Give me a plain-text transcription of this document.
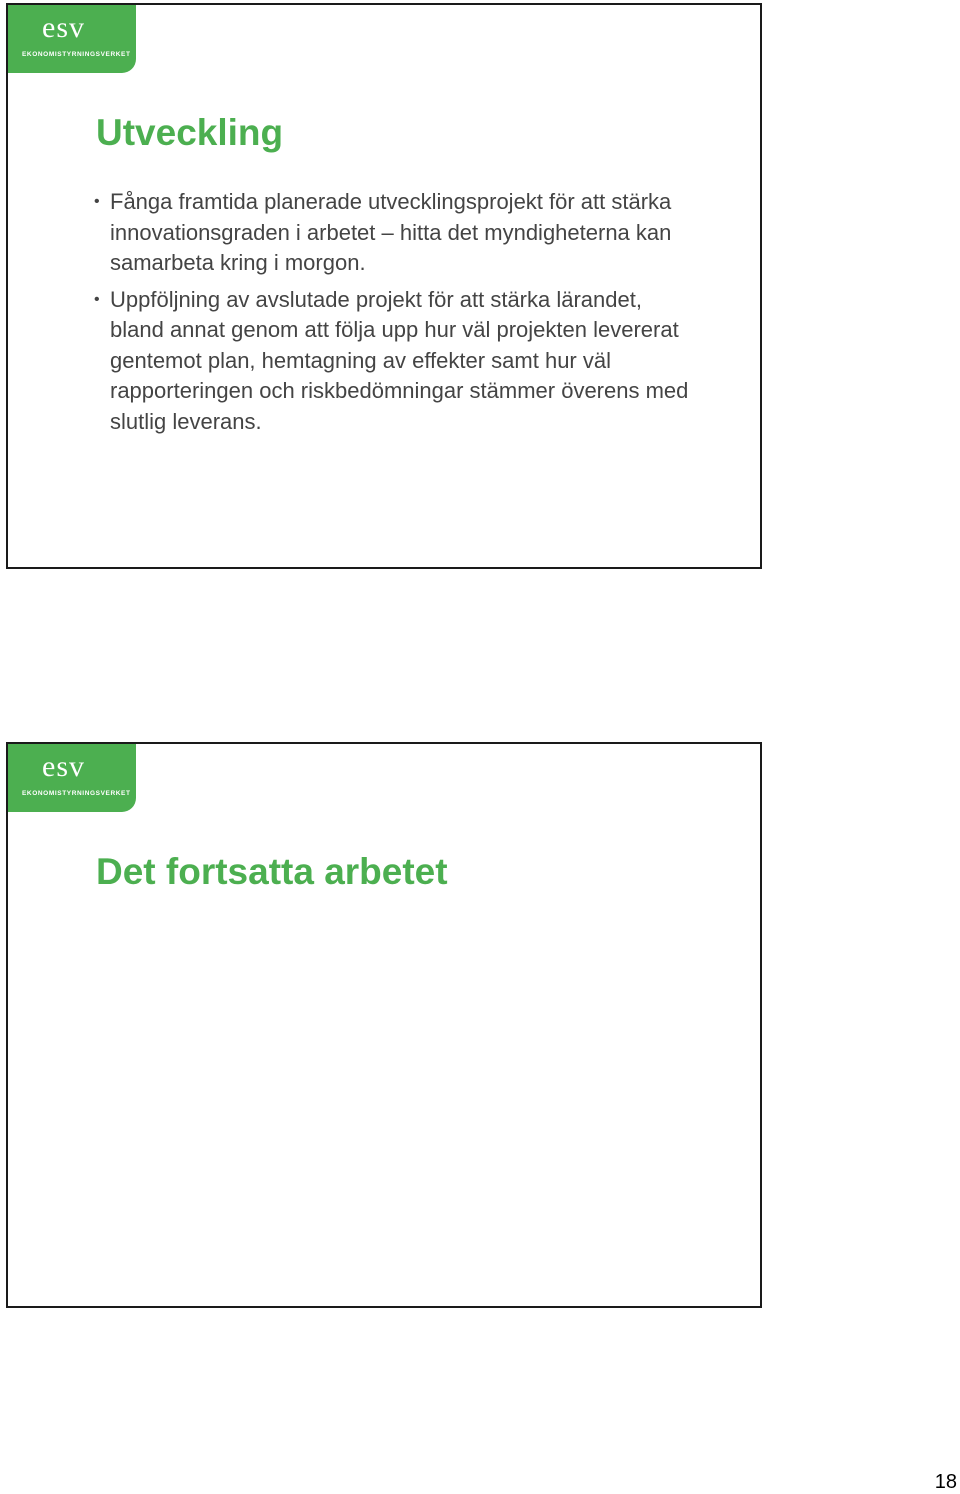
esv
EKONOMISTYRNINGSVERKET
Utveckling
• Fånga framtida planerade utvecklingsprojekt för att stärka innovationsgraden i arbetet – hitta det myndigheterna kan samarbeta kring i morgon.
• Uppföljning av avslutade projekt för att stärka lärandet, bland annat genom att följa upp hur väl projekten levererat gentemot plan, hemtagning av effekter samt hur väl rapporteringen och riskbedömningar stämmer överens med slutlig leverans.
esv
EKONOMISTYRNINGSVERKET
Det fortsatta arbetet
18
